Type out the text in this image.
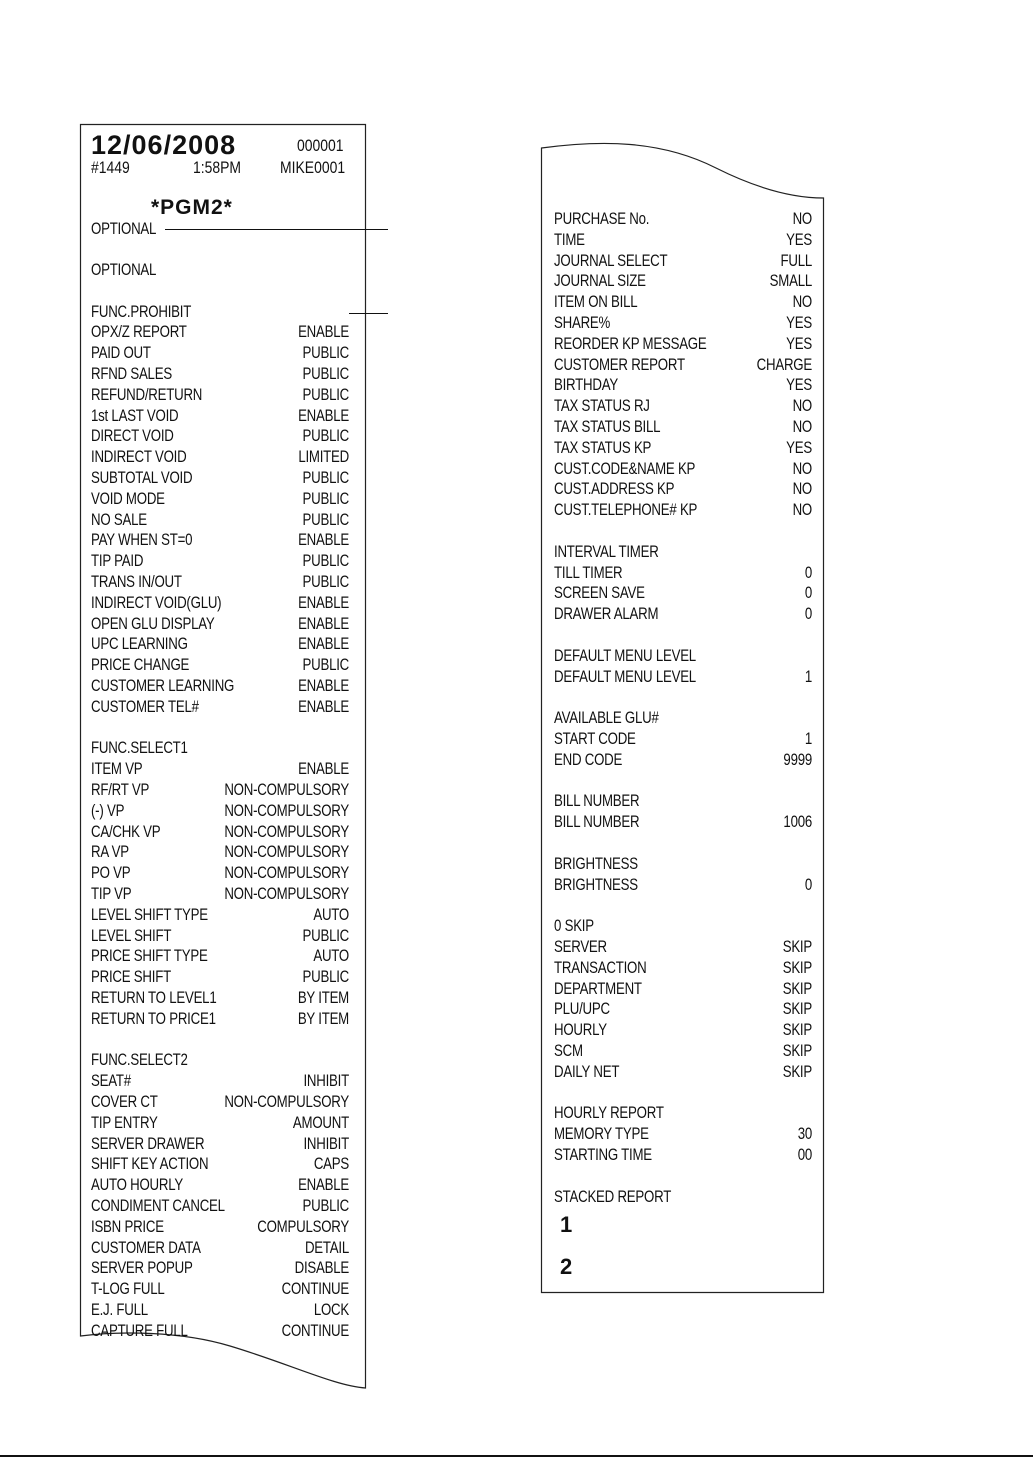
12/06/2008	000001
#1449	1:58PM MIKE0001
*PGM2*
OPTIONAL
OPTIONAL
FUNC.PROHIBIT
OPX/Z REPORT	ENABLE
PAID OUT	PUBLIC
RFND SALES	PUBLIC
REFUND/RETURN	PUBLIC
1st LAST VOID	ENABLE
DIRECT VOID	PUBLIC
INDIRECT VOID	LIMITED
SUBTOTAL VOID	PUBLIC
VOID MODE	PUBLIC
NO SALE	PUBLIC
PAY WHEN ST=0	ENABLE
TIP PAID	PUBLIC
TRANS IN/OUT	PUBLIC
INDIRECT VOID(GLU)	ENABLE
OPEN GLU DISPLAY	ENABLE
UPC LEARNING	ENABLE
PRICE CHANGE	PUBLIC
CUSTOMER LEARNING	ENABLE
CUSTOMER TEL#	ENABLE
FUNC.SELECT1
ITEM VP	ENABLE
RF/RT VP	NON-COMPULSORY
(-) VP	NON-COMPULSORY
CA/CHK VP	NON-COMPULSORY
RA VP	NON-COMPULSORY
PO VP	NON-COMPULSORY
TIP VP	NON-COMPULSORY
LEVEL SHIFT TYPE	AUTO
LEVEL SHIFT	PUBLIC
PRICE SHIFT TYPE	AUTO
PRICE SHIFT	PUBLIC
RETURN TO LEVEL1	BY ITEM
RETURN TO PRICE1	BY ITEM
FUNC.SELECT2
SEAT#	INHIBIT
COVER CT	NON-COMPULSORY
TIP ENTRY	AMOUNT
SERVER DRAWER	INHIBIT
SHIFT KEY ACTION	CAPS
AUTO HOURLY	ENABLE
CONDIMENT CANCEL	PUBLIC
ISBN PRICE	COMPULSORY
CUSTOMER DATA	DETAIL
SERVER POPUP	DISABLE
T-LOG FULL	CONTINUE
E.J. FULL	LOCK
CAPTURE FULL	CONTINUE
PURCHASE No.	NO
TIME	YES
JOURNAL SELECT	FULL
JOURNAL SIZE	SMALL
ITEM ON BILL	NO
SHARE%	YES
REORDER KP MESSAGE	YES
CUSTOMER REPORT	CHARGE
BIRTHDAY	YES
TAX STATUS RJ	NO
TAX STATUS BILL	NO
TAX STATUS KP	YES
CUST.CODE&NAME KP	NO
CUST.ADDRESS KP	NO
CUST.TELEPHONE# KP	NO
INTERVAL TIMER
TILL TIMER	0
SCREEN SAVE	0
DRAWER ALARM	0
DEFAULT MENU LEVEL
DEFAULT MENU LEVEL	1
AVAILABLE GLU#
START CODE	1
END CODE	9999
BILL NUMBER
BILL NUMBER	1006
BRIGHTNESS
BRIGHTNESS	0
0 SKIP
SERVER	SKIP
TRANSACTION	SKIP
DEPARTMENT	SKIP
PLU/UPC	SKIP
HOURLY	SKIP
SCM	SKIP
DAILY NET	SKIP
HOURLY REPORT
MEMORY TYPE	30
STARTING TIME	00
STACKED REPORT
1
2
